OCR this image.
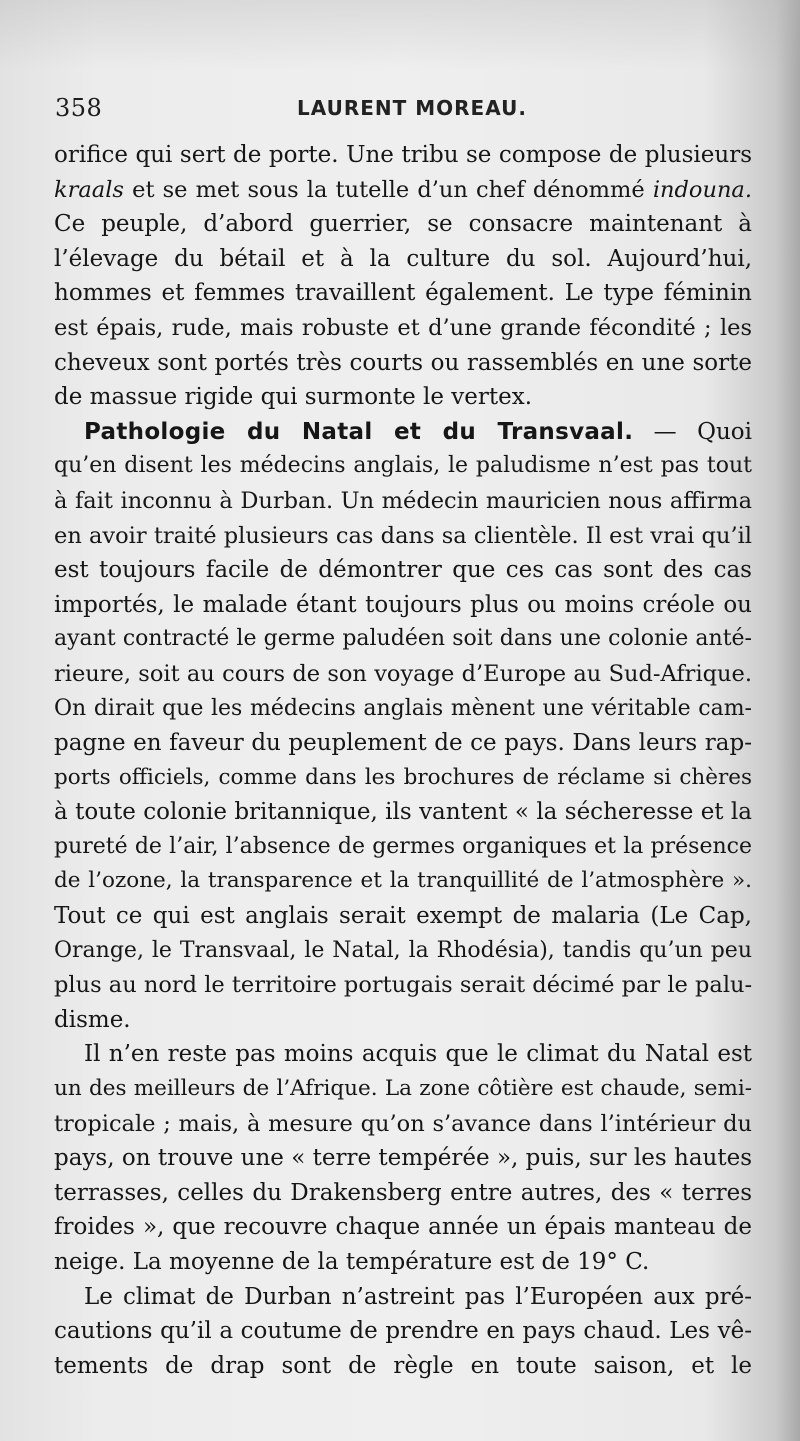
358	LAURENT MOREAU.
orifice qui sert de porte. Une tribu se compose de plusieurs
kraals et se met sous la tutelle d’un chef dénommé indouna.
Ce peuple, d’abord guerrier, se consacre maintenant à
l’élevage du bétail et à la culture du sol. Aujourd’hui,
hommes et femmes travaillent également. Le type féminin
est épais, rude, mais robuste et d’une grande fécondité ; les
cheveux sont portés très courts ou rassemblés en une sorte
de massue rigide qui surmonte le vertex.
Pathologie du Natal et du Transvaal. — Quoi
qu’en disent les médecins anglais, le paludisme n’est pas tout
à fait inconnu à Durban. Un médecin mauricien nous affirma
en avoir traité plusieurs cas dans sa clientèle. Il est vrai qu’il
est toujours facile de démontrer que ces cas sont des cas
importés, le malade étant toujours plus ou moins créole ou
ayant contracté le germe paludéen soit dans une colonie anté-
rieure, soit au cours de son voyage d’Europe au Sud-Afrique.
On dirait que les médecins anglais mènent une véritable cam-
pagne en faveur du peuplement de ce pays. Dans leurs rap-
ports officiels, comme dans les brochures de réclame si chères
à toute colonie britannique, ils vantent « la sécheresse et la
pureté de l’air, l’absence de germes organiques et la présence
de l’ozone, la transparence et la tranquillité de l’atmosphère ».
Tout ce qui est anglais serait exempt de malaria (Le Cap,
Orange, le Transvaal, le Natal, la Rhodésia), tandis qu’un peu
plus au nord le territoire portugais serait décimé par le palu-
disme.
Il n’en reste pas moins acquis que le climat du Natal est
un des meilleurs de l’Afrique. La zone côtière est chaude, semi-
tropicale ; mais, à mesure qu’on s’avance dans l’intérieur du
pays, on trouve une « terre tempérée », puis, sur les hautes
terrasses, celles du Drakensberg entre autres, des « terres
froides », que recouvre chaque année un épais manteau de
neige. La moyenne de la température est de 19° C.
Le climat de Durban n’astreint pas l’Européen aux pré-
cautions qu’il a coutume de prendre en pays chaud. Les vê-
tements de drap sont de règle en toute saison, et le
